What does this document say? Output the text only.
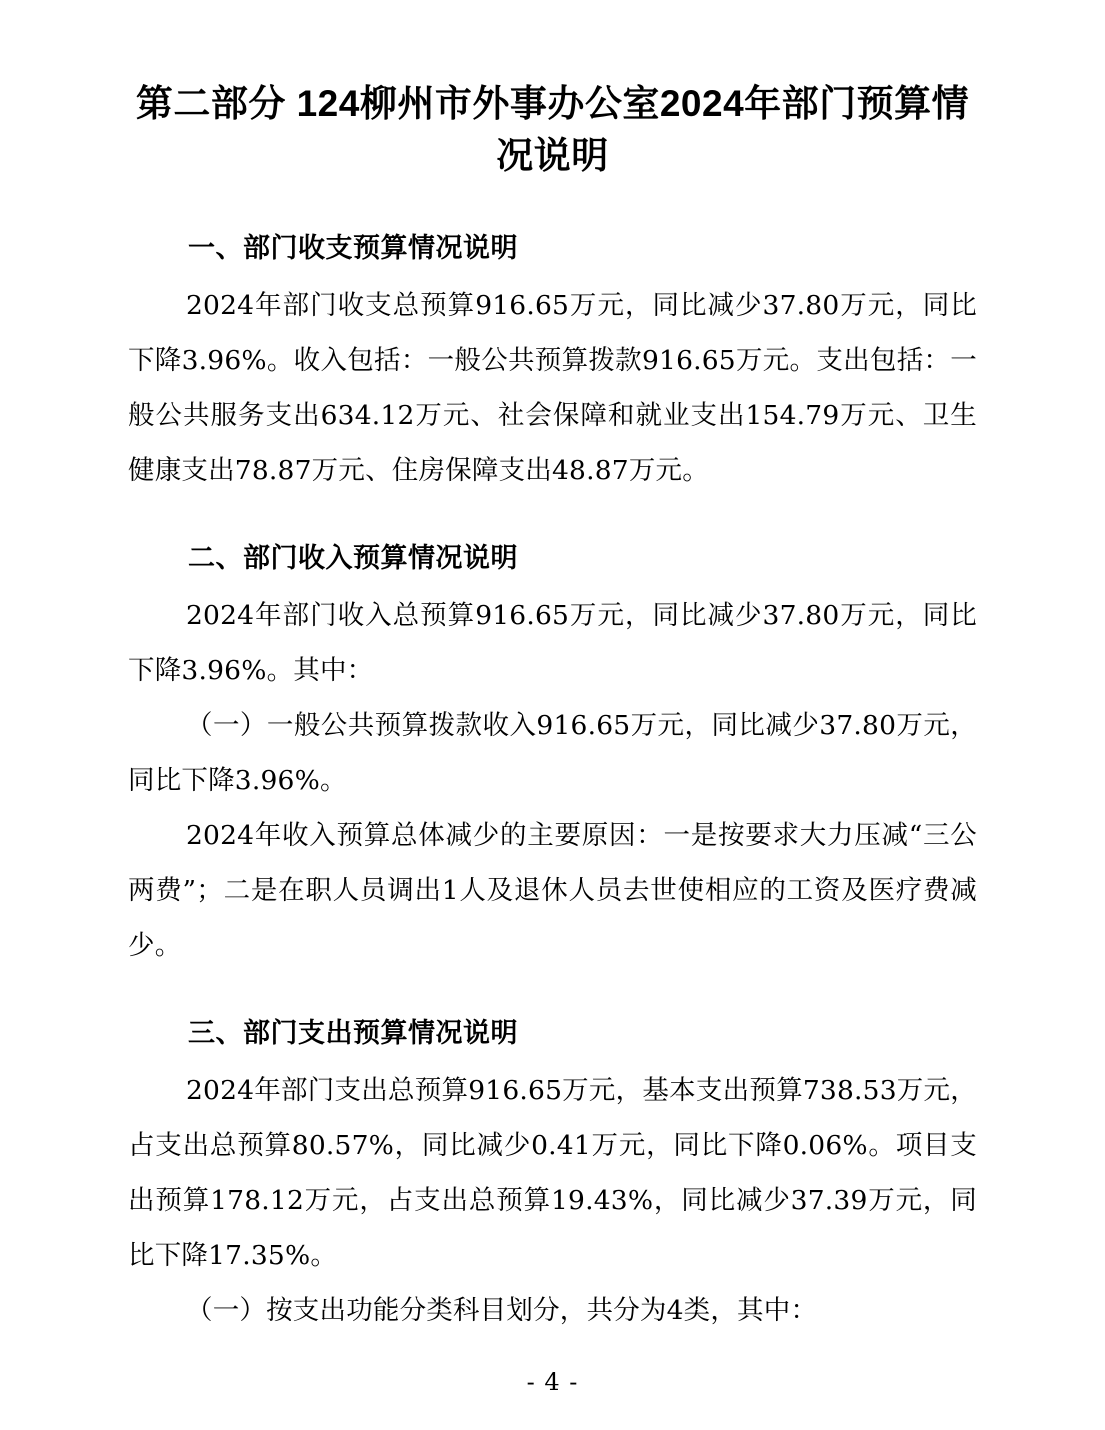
第二部分 124柳州市外事办公室2024年部门预算情况说明
一、部门收支预算情况说明

2024年部门收支总预算916.65万元，同比减少37.80万元，同比下降3.96%。收入包括：一般公共预算拨款916.65万元。支出包括：一般公共服务支出634.12万元、社会保障和就业支出154.79万元、卫生健康支出78.87万元、住房保障支出48.87万元。

二、部门收入预算情况说明

2024年部门收入总预算916.65万元，同比减少37.80万元，同比下降3.96%。其中：

（一）一般公共预算拨款收入916.65万元，同比减少37.80万元，同比下降3.96%。

2024年收入预算总体减少的主要原因：一是按要求大力压减“三公两费”；二是在职人员调出1人及退休人员去世使相应的工资及医疗费减少。

三、部门支出预算情况说明

2024年部门支出总预算916.65万元，基本支出预算738.53万元，占支出总预算80.57%，同比减少0.41万元，同比下降0.06%。项目支出预算178.12万元，占支出总预算19.43%，同比减少37.39万元，同比下降17.35%。

（一）按支出功能分类科目划分，共分为4类，其中：

- 4 -
